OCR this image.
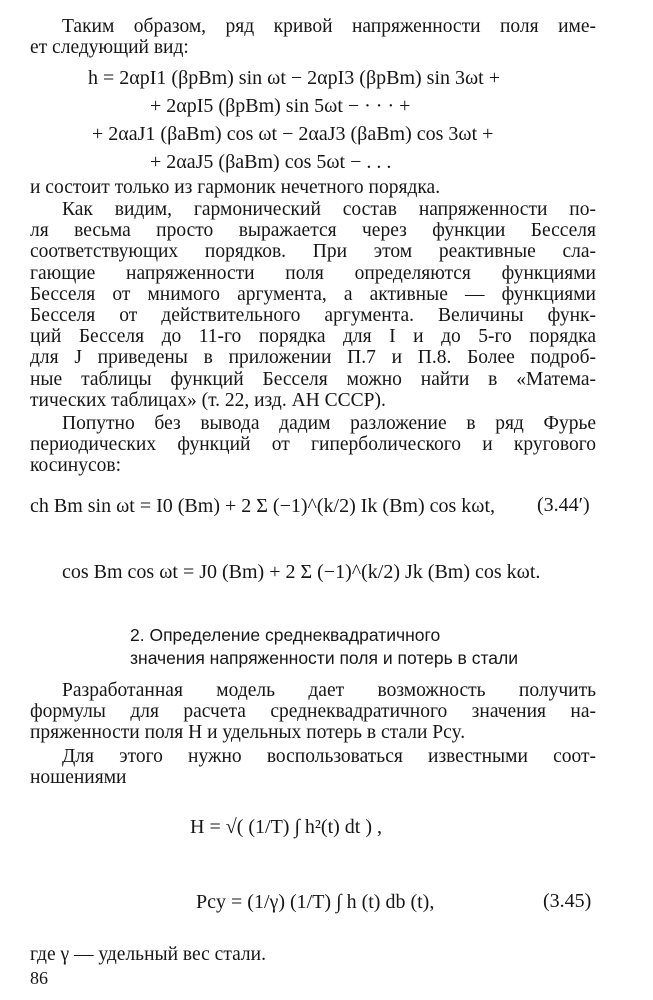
Таким образом, ряд кривой напряженности поля име-
ет следующий вид:
h = 2αpI1 (βpBm) sin ωt − 2αpI3 (βpBm) sin 3ωt +
+ 2αpI5 (βpBm) sin 5ωt − · · · +
+ 2αaJ1 (βaBm) cos ωt − 2αaJ3 (βaBm) cos 3ωt +
+ 2αaJ5 (βaBm) cos 5ωt − . . .
и состоит только из гармоник нечетного порядка.
Как видим, гармонический состав напряженности по-
ля весьма просто выражается через функции Бесселя
соответствующих порядков. При этом реактивные сла-
гающие напряженности поля определяются функциями
Бесселя от мнимого аргумента, а активные — функциями
Бесселя от действительного аргумента. Величины функ-
ций Бесселя до 11-го порядка для I и до 5-го порядка
для J приведены в приложении П.7 и П.8. Более подроб-
ные таблицы функций Бесселя можно найти в «Матема-
тических таблицах» (т. 22, изд. АН СССР).
Попутно без вывода дадим разложение в ряд Фурье
периодических функций от гиперболического и кругового
косинусов:
ch Bm sin ωt = I0 (Bm) + 2 Σ (−1)^(k/2) Ik (Bm) cos kωt, (3.44′)
cos Bm cos ωt = J0 (Bm) + 2 Σ (−1)^(k/2) Jk (Bm) cos kωt.
2. Определение среднеквадратичного
значения напряженности поля и потерь в стали
Разработанная модель дает возможность получить
формулы для расчета среднеквадратичного значения на-
пряженности поля H и удельных потерь в стали Pcy.
Для этого нужно воспользоваться известными соот-
ношениями
H = √( (1/T) ∫ h²(t) dt ) ,
Pcy = (1/γ) (1/T) ∫ h (t) db (t),	(3.45)
где γ — удельный вес стали.
86
